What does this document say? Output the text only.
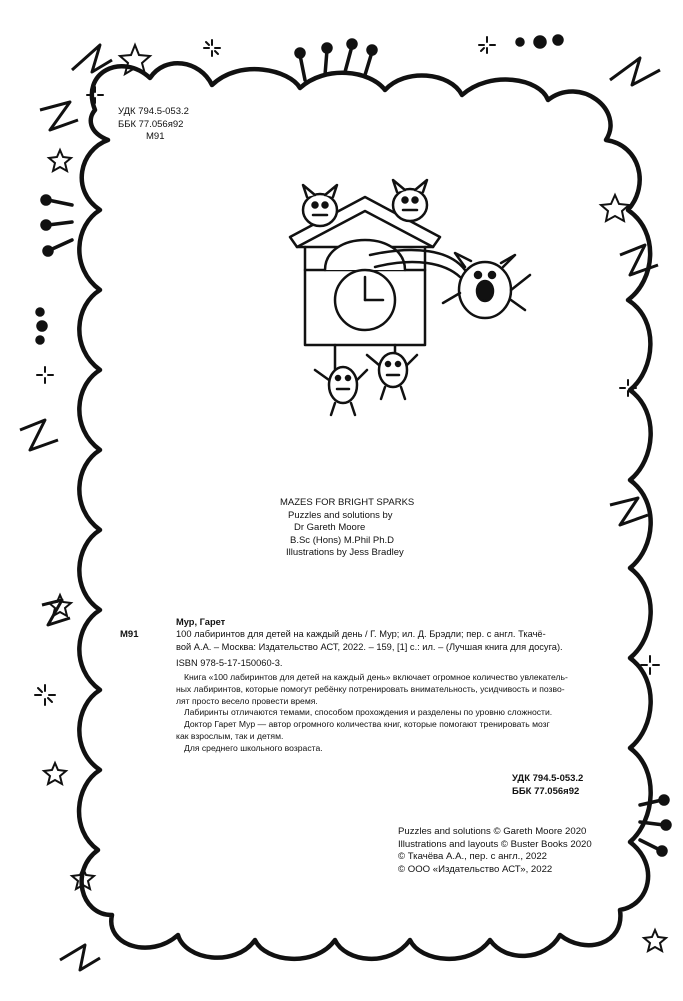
УДК 794.5-053.2
ББК 77.056я92
М91
MAZES FOR BRIGHT SPARKS
Puzzles and solutions by
Dr Gareth Moore
B.Sc (Hons) M.Phil Ph.D
Illustrations by Jess Bradley
Мур, Гарет
100 лабиринтов для детей на каждый день / Г. Мур; ил. Д. Брэдли; пер. с англ. Ткачё-
вой А.А. – Москва: Издательство АСТ, 2022. – 159, [1] с.: ил. – (Лучшая книга для досуга).
ISBN 978-5-17-150060-3.
М91
Книга «100 лабиринтов для детей на каждый день» включает огромное количество увлекатель-
ных лабиринтов, которые помогут ребёнку потренировать внимательность, усидчивость и позво-
лят просто весело провести время.
Лабиринты отличаются темами, способом прохождения и разделены по уровню сложности.
Доктор Гарет Мур — автор огромного количества книг, которые помогают тренировать мозг
как взрослым, так и детям.
Для среднего школьного возраста.
УДК 794.5-053.2
ББК 77.056я92
Puzzles and solutions © Gareth Moore 2020
Illustrations and layouts © Buster Books 2020
© Ткачёва А.А., пер. с англ., 2022
© ООО «Издательство АСТ», 2022
